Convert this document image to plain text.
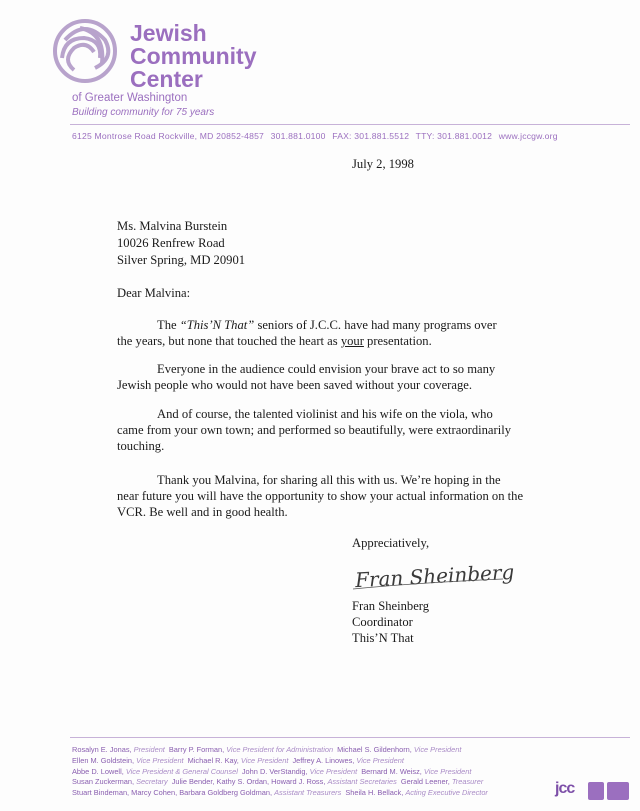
Jewish
Community
Center
of Greater Washington
Building community for 75 years
6125 Montrose Road Rockville, MD 20852-4857 301.881.0100 FAX: 301.881.5512 TTY: 301.881.0012 www.jccgw.org
July 2, 1998
Ms. Malvina Burstein
10026 Renfrew Road
Silver Spring, MD 20901
Dear Malvina:
The “This’N That” seniors of J.C.C. have had many programs over
the years, but none that touched the heart as your presentation.
Everyone in the audience could envision your brave act to so many
Jewish people who would not have been saved without your coverage.
And of course, the talented violinist and his wife on the viola, who
came from your own town; and performed so beautifully, were extraordinarily
touching.
Thank you Malvina, for sharing all this with us. We’re hoping in the
near future you will have the opportunity to show your actual information on the
VCR. Be well and in good health.
Appreciatively,
Fran Sheinberg
Fran Sheinberg
Coordinator
This’N That
Rosalyn E. Jonas, President Barry P. Forman, Vice President for Administration Michael S. Gildenhorn, Vice President
Ellen M. Goldstein, Vice President Michael R. Kay, Vice President Jeffrey A. Linowes, Vice President
Abbe D. Lowell, Vice President & General Counsel John D. VerStandig, Vice President Bernard M. Weisz, Vice President
Susan Zuckerman, Secretary Julie Bender, Kathy S. Ordan, Howard J. Ross, Assistant Secretaries Gerald Leener, Treasurer
Stuart Bindeman, Marcy Cohen, Barbara Goldberg Goldman, Assistant Treasurers Sheila H. Bellack, Acting Executive Director	jcc
